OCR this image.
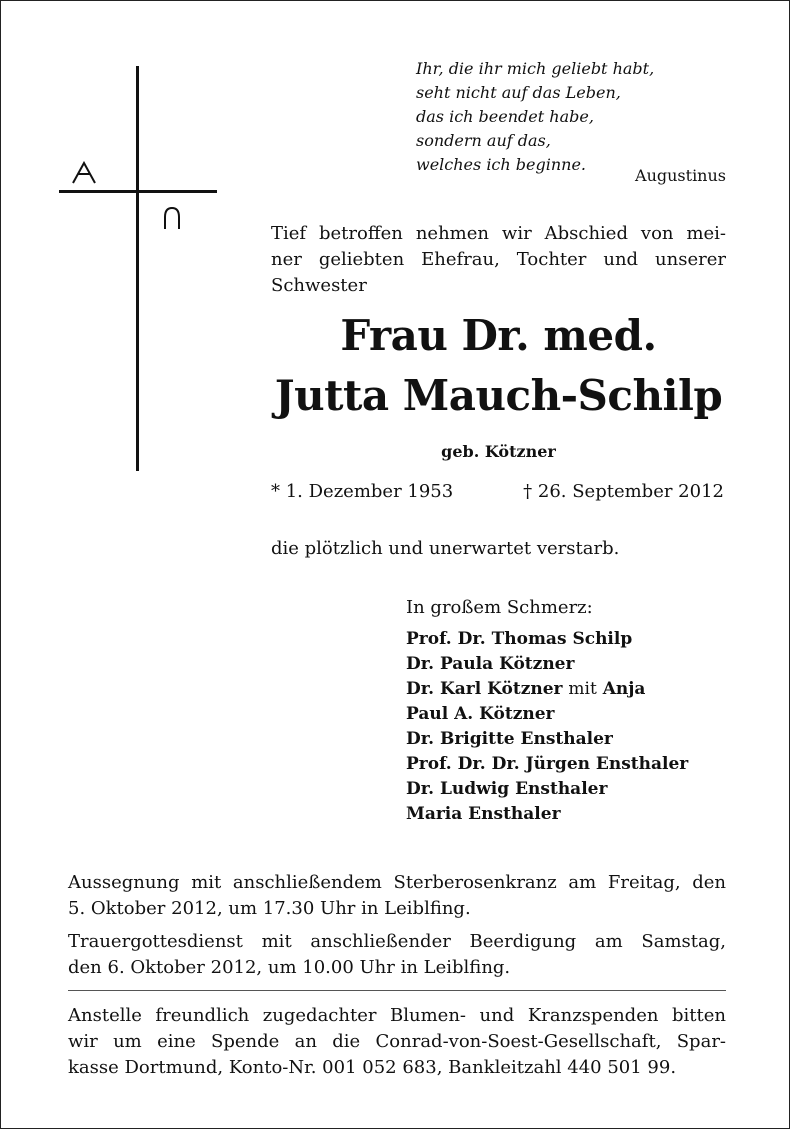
Ihr, die ihr mich geliebt habt,
seht nicht auf das Leben,
das ich beendet habe,
sondern auf das,
welches ich beginne.
Augustinus
Tief betroffen nehmen wir Abschied von mei-
ner geliebten Ehefrau, Tochter und unserer
Schwester
Frau Dr. med.
Jutta Mauch-Schilp
geb. Kötzner
* 1. Dezember 1953	† 26. September 2012
die plötzlich und unerwartet verstarb.
In großem Schmerz:
Prof. Dr. Thomas Schilp
Dr. Paula Kötzner
Dr. Karl Kötzner mit Anja
Paul A. Kötzner
Dr. Brigitte Ensthaler
Prof. Dr. Dr. Jürgen Ensthaler
Dr. Ludwig Ensthaler
Maria Ensthaler
Aussegnung mit anschließendem Sterberosenkranz am Freitag, den
5. Oktober 2012, um 17.30 Uhr in Leiblfing.
Trauergottesdienst mit anschließender Beerdigung am Samstag,
den 6. Oktober 2012, um 10.00 Uhr in Leiblfing.
Anstelle freundlich zugedachter Blumen- und Kranzspenden bitten
wir um eine Spende an die Conrad-von-Soest-Gesellschaft, Spar-
kasse Dortmund, Konto-Nr. 001 052 683, Bankleitzahl 440 501 99.
